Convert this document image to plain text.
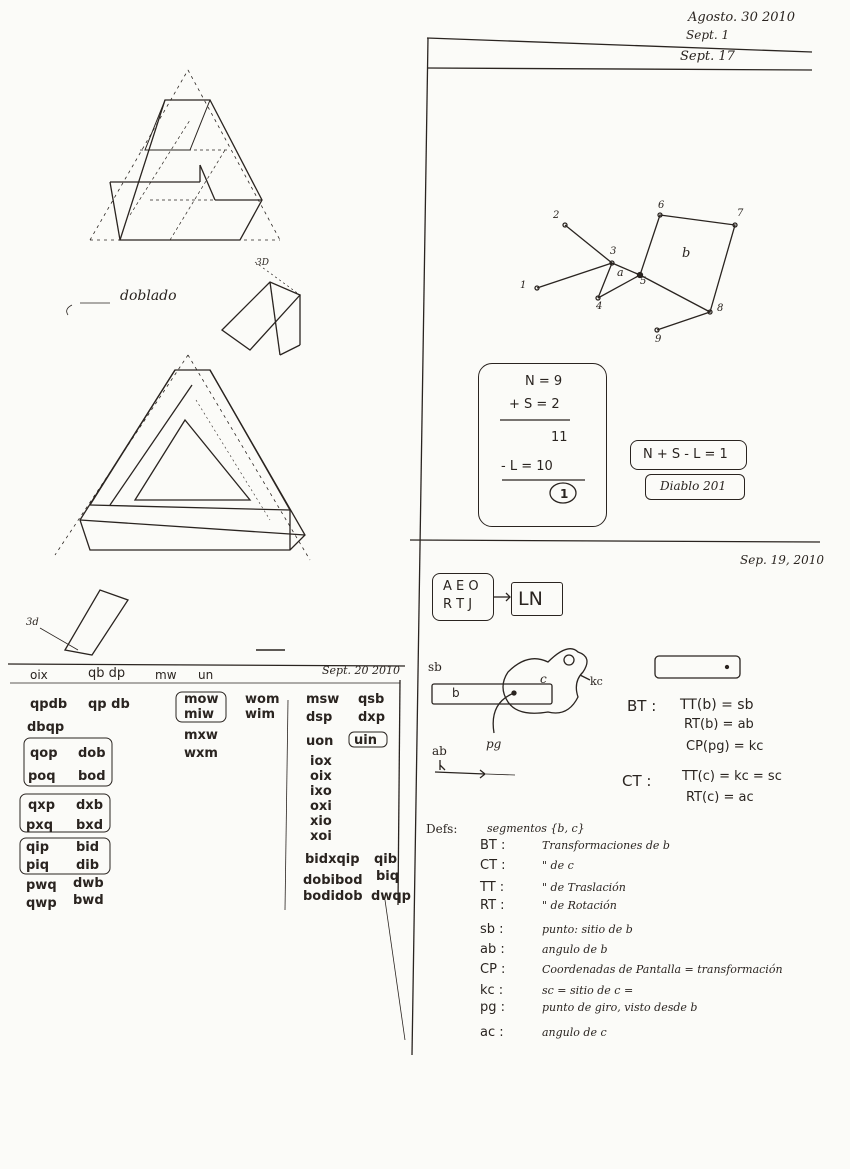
Agosto. 30 2010
Sept. 1
Sept. 17
doblado
3D
3d
1
2
3
4
5
6
7
8
9
a
b
N = 9
+ S = 2
11
- L = 10
1
N + S - L = 1
Diablo 201
Sep. 19, 2010
A E O
R T J LN
sb
b
c	kc
pg
ab
BT : TT(b) = sb
RT(b) = ab
CP(pg) = kc
CT : TT(c) = kc = sc
RT(c) = ac
Defs:	segmentos {b, c}
BT :	Transformaciones de b
CT :	" de c
TT :	" de Traslación
RT :	" de Rotación
sb :	punto: sitio de b
ab :	angulo de b
CP :	Coordenadas de Pantalla = transformación
kc :	sc = sitio de c =
pg :	punto de giro, visto desde b
ac :	angulo de c
Sept. 20 2010
oix	qb dp mw un
qpdb qp db
dbqp
qop dob
poq bod
qxp dxb
pxq bxd
qip bid
piq dib
pwq dwb
qwp bwd
mow wom
miw wim
mxw
wxm
msw qsb
dsp dxp
uon uin
iox
oix
ixo
oxi
xio
xoi
bidxqip qib
dobibod biq
bodidob dwqp
